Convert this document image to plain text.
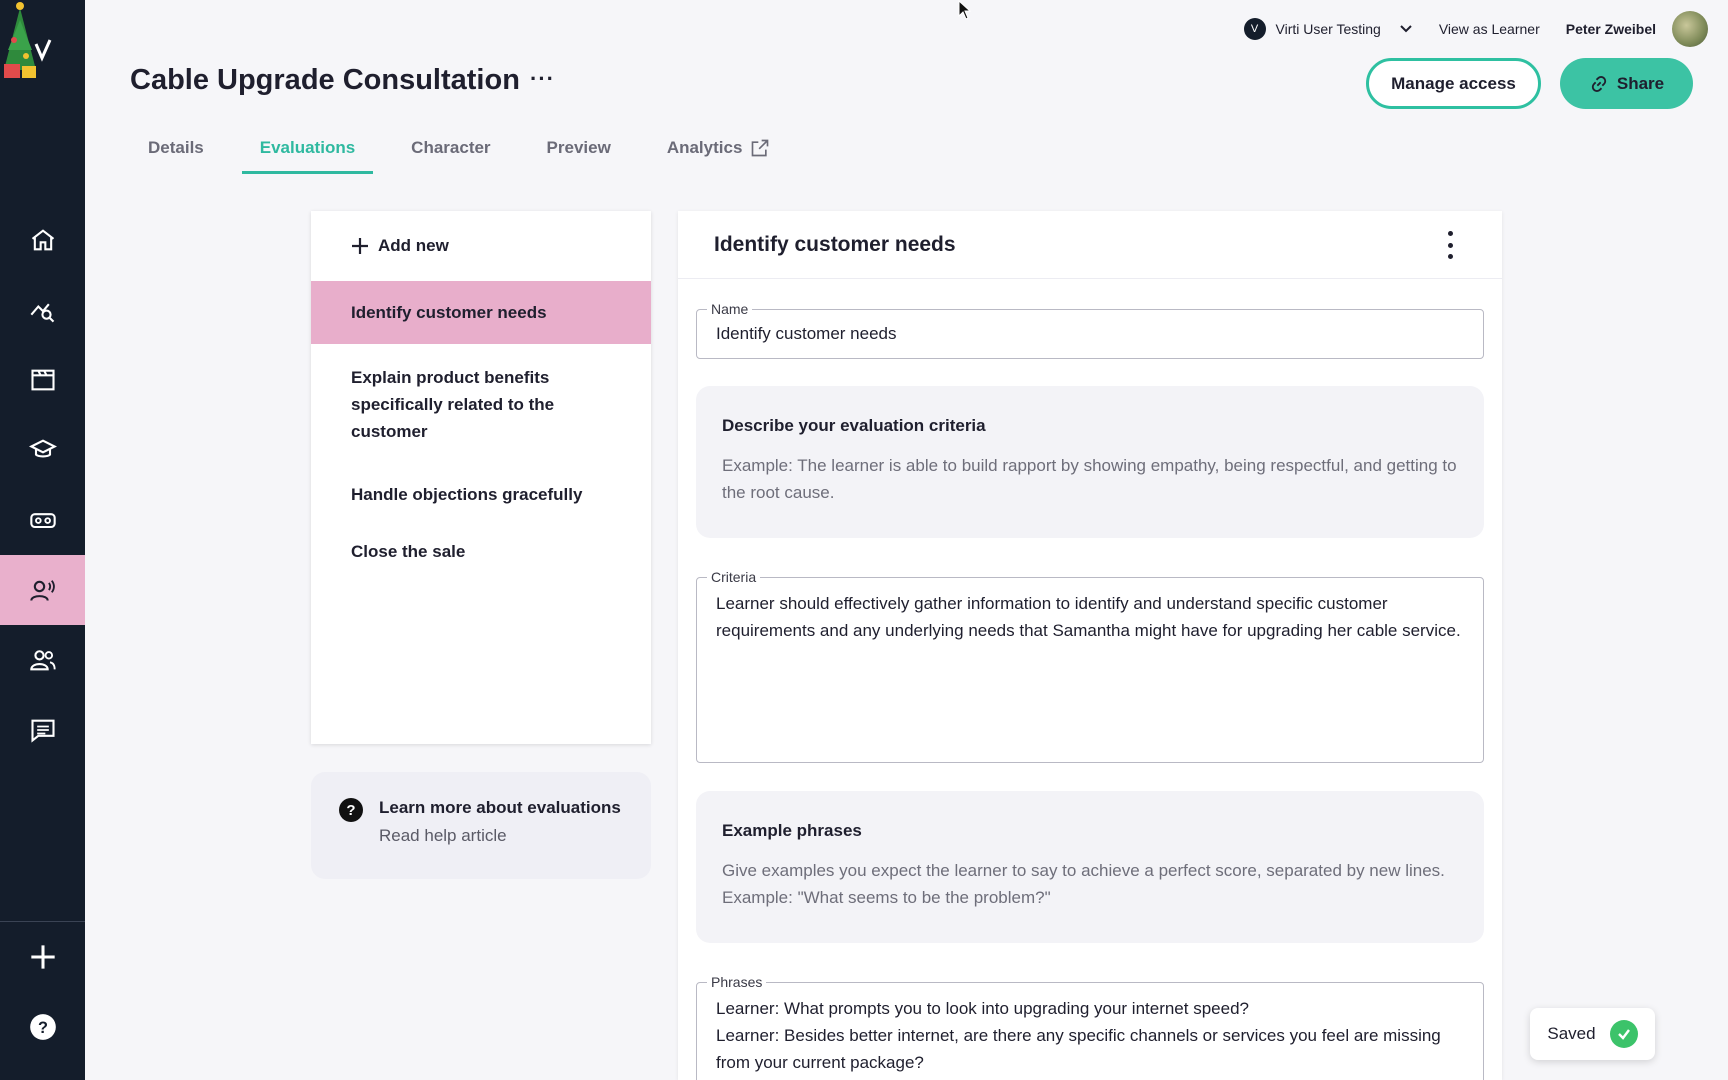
?
V	Virti User Testing	View as Learner Peter Zweibel
Cable Upgrade Consultation ···	Manage access	Share
Details	Evaluations	Character	Preview	Analytics
Add new
Identify customer needs
Explain product benefits specifically related to the customer
Handle objections gracefully
Close the sale
?	Learn more about evaluations
Read help article
Identify customer needs
Name
Identify customer needs
Describe your evaluation criteria
Example: The learner is able to build rapport by showing empathy, being respectful, and getting to the root cause.
Criteria
Learner should effectively gather information to identify and understand specific customer requirements and any underlying needs that Samantha might have for upgrading her cable service.
Example phrases
Give examples you expect the learner to say to achieve a perfect score, separated by new lines. Example: "What seems to be the problem?"
Phrases
Learner: What prompts you to look into upgrading your internet speed? Learner: Besides better internet, are there any specific channels or services you feel are missing from your current package?
Saved
